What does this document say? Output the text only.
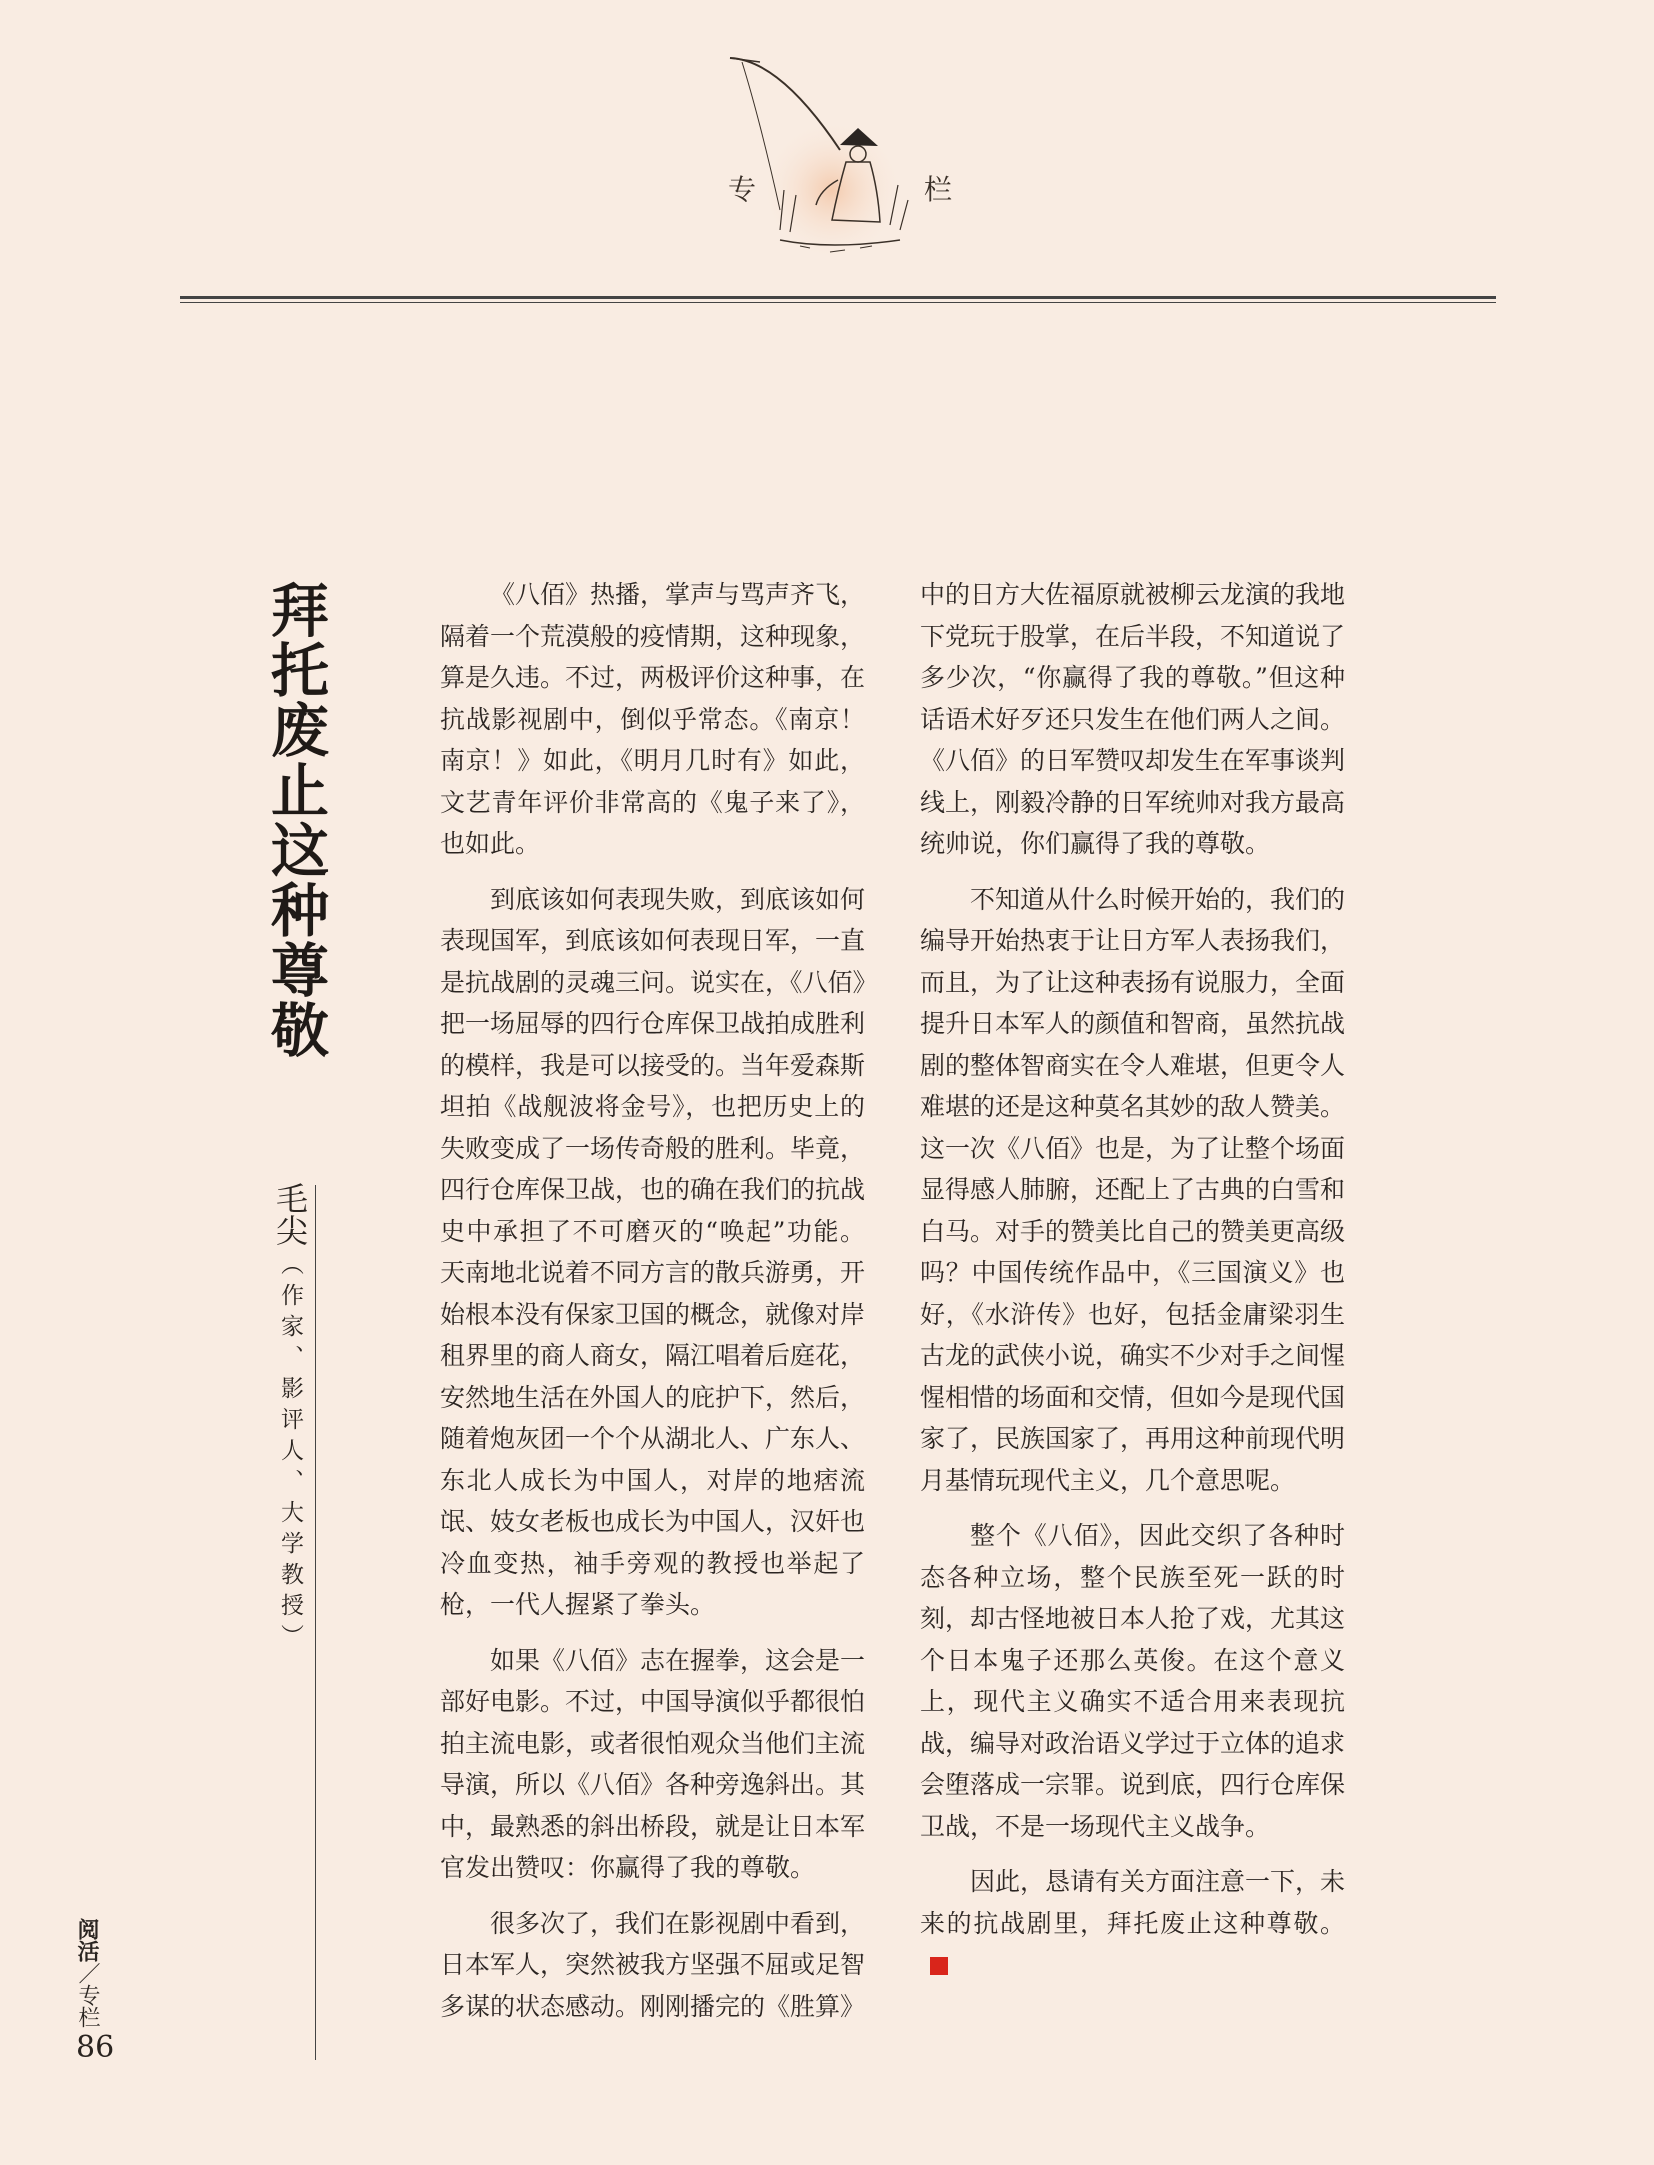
专	栏
拜托废止这种尊敬
毛尖
（作家、影评人、大学教授）

《八佰》热播，掌声与骂声齐飞，隔着一个荒漠般的疫情期，这种现象，算是久违。不过，两极评价这种事，在抗战影视剧中，倒似乎常态。《南京！南京！》如此，《明月几时有》如此，文艺青年评价非常高的《鬼子来了》，也如此。

到底该如何表现失败，到底该如何表现国军，到底该如何表现日军，一直是抗战剧的灵魂三问。说实在，《八佰》把一场屈辱的四行仓库保卫战拍成胜利的模样，我是可以接受的。当年爱森斯坦拍《战舰波将金号》，也把历史上的失败变成了一场传奇般的胜利。毕竟，四行仓库保卫战，也的确在我们的抗战史中承担了不可磨灭的“唤起”功能。天南地北说着不同方言的散兵游勇，开始根本没有保家卫国的概念，就像对岸租界里的商人商女，隔江唱着后庭花，安然地生活在外国人的庇护下，然后，随着炮灰团一个个从湖北人、广东人、东北人成长为中国人，对岸的地痞流氓、妓女老板也成长为中国人，汉奸也冷血变热，袖手旁观的教授也举起了枪，一代人握紧了拳头。

如果《八佰》志在握拳，这会是一部好电影。不过，中国导演似乎都很怕拍主流电影，或者很怕观众当他们主流导演，所以《八佰》各种旁逸斜出。其中，最熟悉的斜出桥段，就是让日本军官发出赞叹：你赢得了我的尊敬。

很多次了，我们在影视剧中看到，日本军人，突然被我方坚强不屈或足智多谋的状态感动。刚刚播完的《胜算》

中的日方大佐福原就被柳云龙演的我地下党玩于股掌，在后半段，不知道说了多少次，“你赢得了我的尊敬。”但这种话语术好歹还只发生在他们两人之间。《八佰》的日军赞叹却发生在军事谈判线上，刚毅冷静的日军统帅对我方最高统帅说，你们赢得了我的尊敬。

不知道从什么时候开始的，我们的编导开始热衷于让日方军人表扬我们，而且，为了让这种表扬有说服力，全面提升日本军人的颜值和智商，虽然抗战剧的整体智商实在令人难堪，但更令人难堪的还是这种莫名其妙的敌人赞美。这一次《八佰》也是，为了让整个场面显得感人肺腑，还配上了古典的白雪和白马。对手的赞美比自己的赞美更高级吗？中国传统作品中，《三国演义》也好，《水浒传》也好，包括金庸梁羽生古龙的武侠小说，确实不少对手之间惺惺相惜的场面和交情，但如今是现代国家了，民族国家了，再用这种前现代明月基情玩现代主义，几个意思呢。

整个《八佰》，因此交织了各种时态各种立场，整个民族至死一跃的时刻，却古怪地被日本人抢了戏，尤其这个日本鬼子还那么英俊。在这个意义上，现代主义确实不适合用来表现抗战，编导对政治语义学过于立体的追求会堕落成一宗罪。说到底，四行仓库保卫战，不是一场现代主义战争。

因此，恳请有关方面注意一下，未来的抗战剧里，拜托废止这种尊敬。

阅活／专栏
86
